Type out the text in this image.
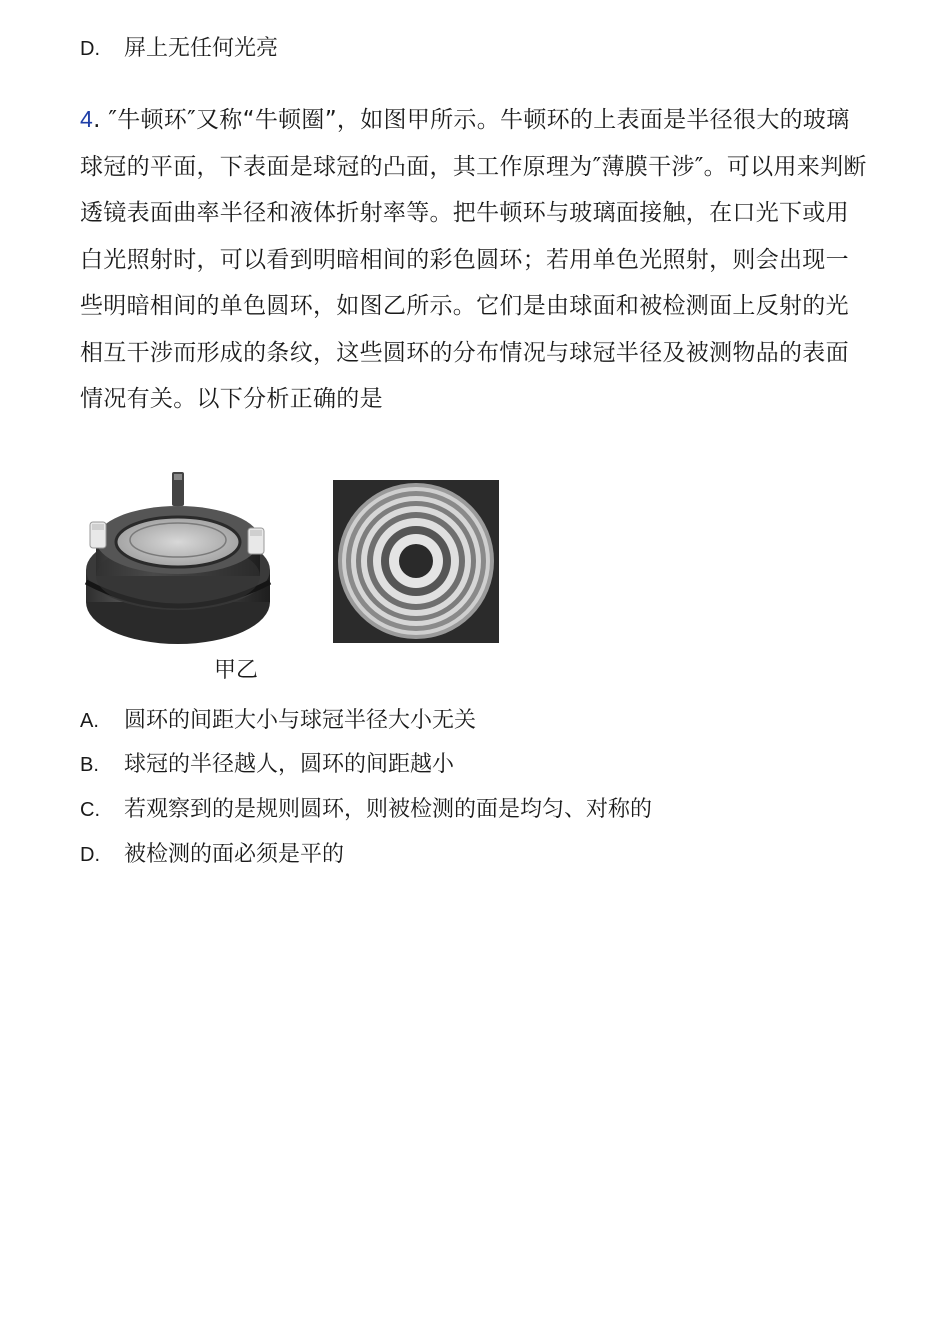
D. 屏上无任何光亮
4. ″牛顿环″又称“牛顿圈”，如图甲所示。牛顿环的上表面是半径很大的玻璃球冠的平面，下表面是球冠的凸面，其工作原理为″薄膜干涉″。可以用来判断透镜表面曲率半径和液体折射率等。把牛顿环与玻璃面接触，在口光下或用白光照射时，可以看到明暗相间的彩色圆环；若用单色光照射，则会出现一些明暗相间的单色圆环，如图乙所示。它们是由球面和被检测面上反射的光相互干涉而形成的条纹，这些圆环的分布情况与球冠半径及被测物品的表面情况有关。以下分析正确的是
甲乙
A. 圆环的间距大小与球冠半径大小无关
B. 球冠的半径越人，圆环的间距越小
C. 若观察到的是规则圆环，则被检测的面是均匀、对称的
D. 被检测的面必须是平的
